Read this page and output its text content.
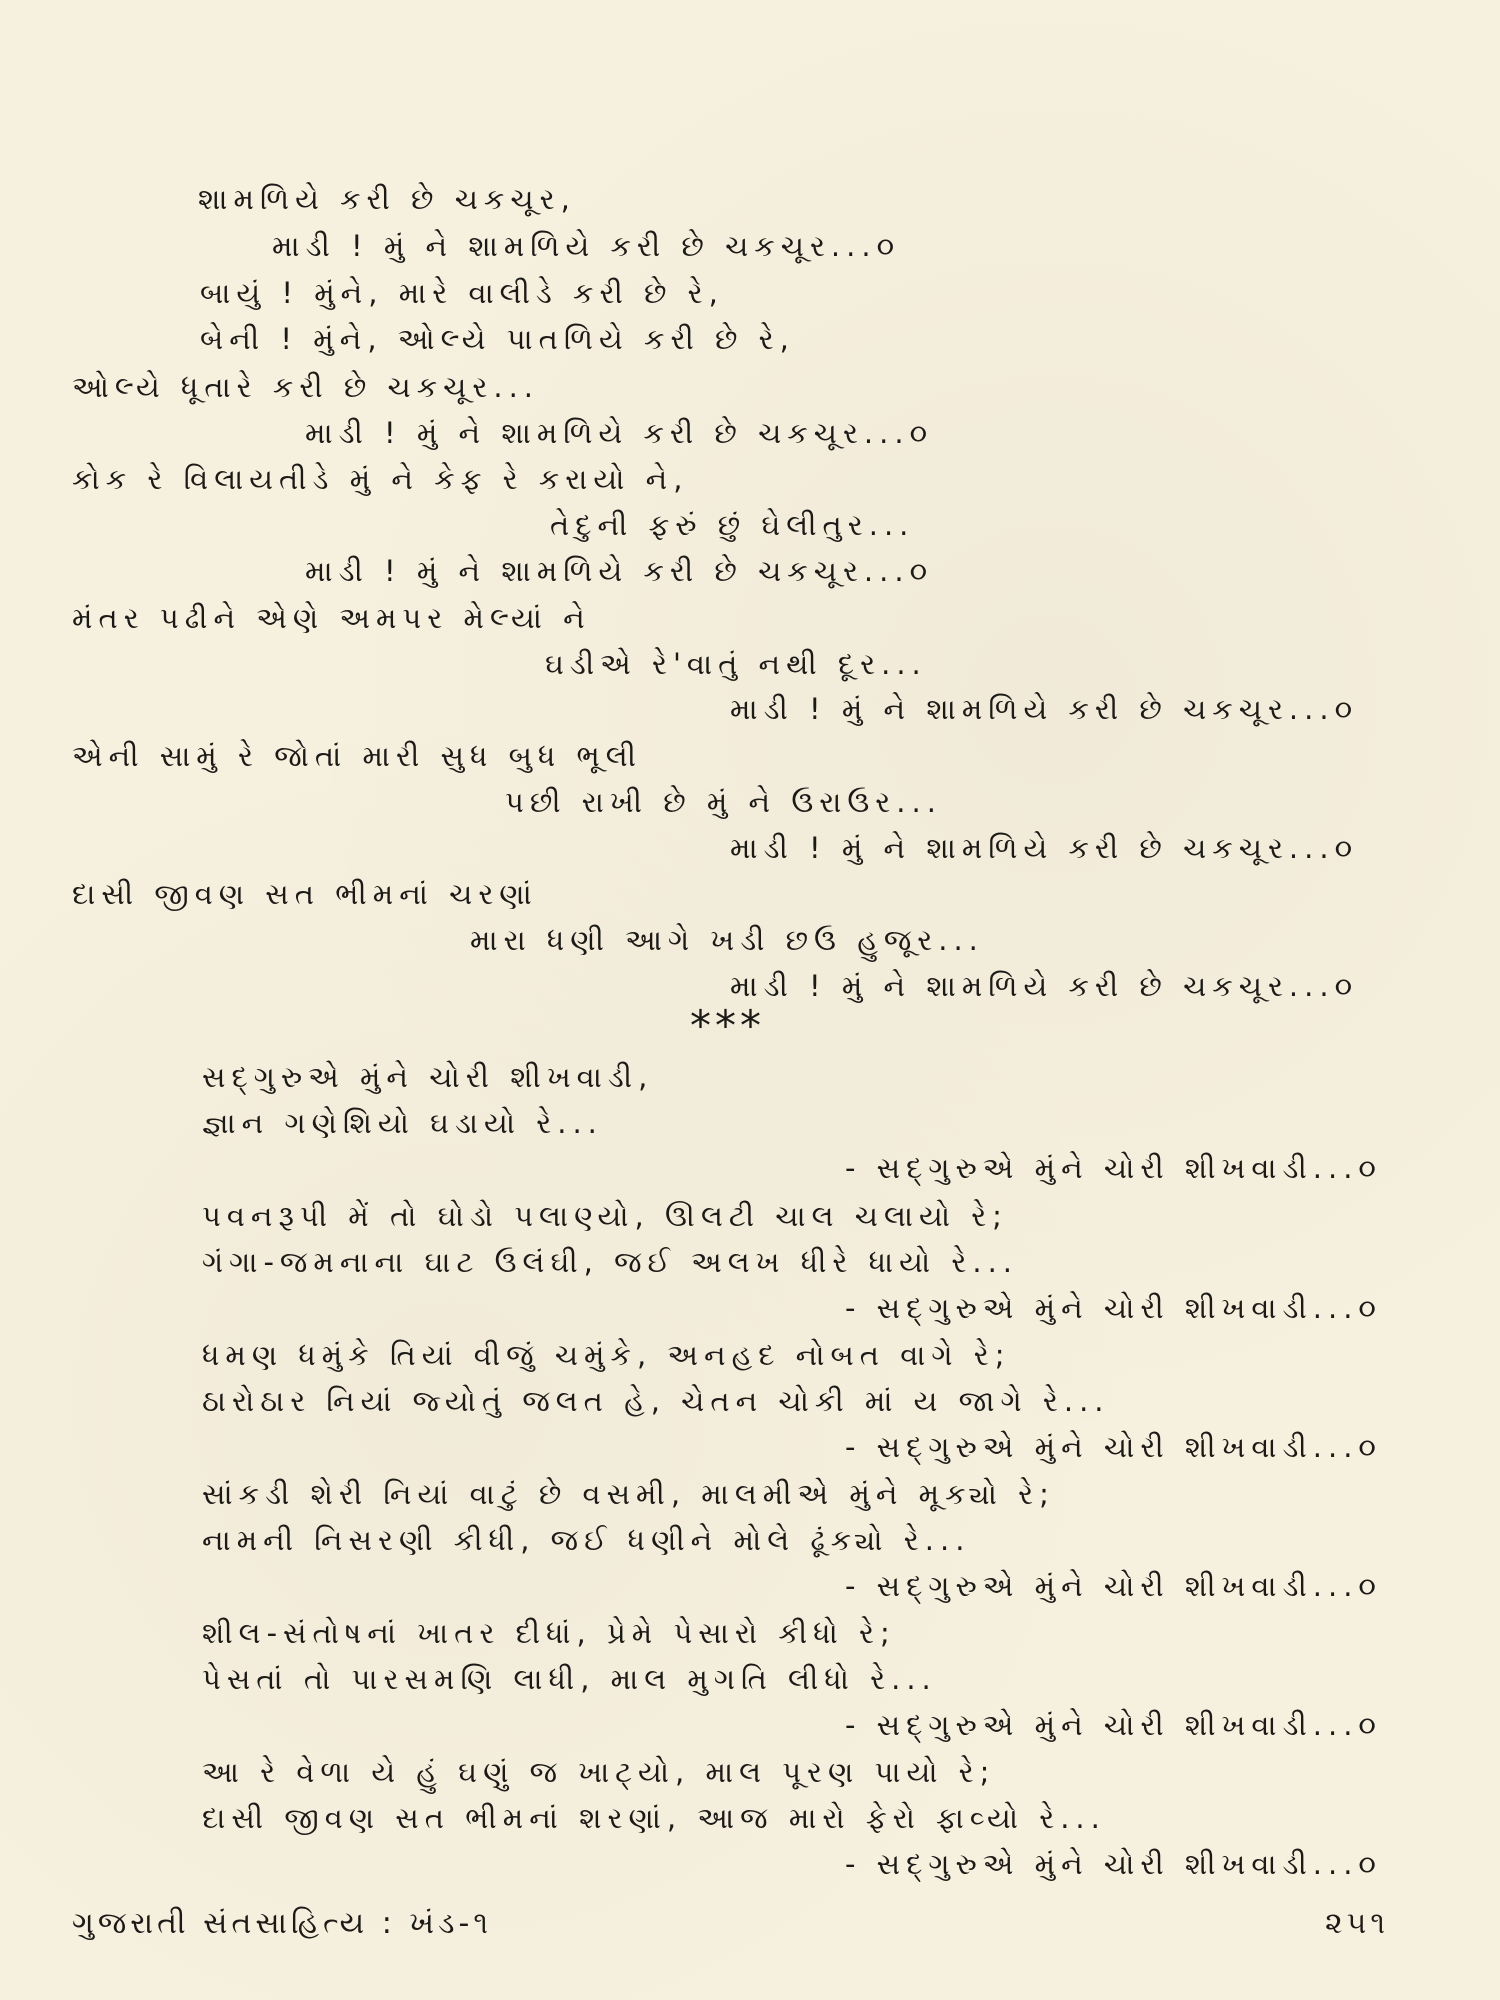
શામળિયે કરી છે ચકચૂર,
માડી ! મું ને શામળિયે કરી છે ચકચૂર...૦
બાયું ! મુંને, મારે વાલીડે કરી છે રે,
બેની ! મુંને, ઓલ્યે પાતળિયે કરી છે રે,
ઓલ્યે ધૂતારે કરી છે ચકચૂર...
માડી ! મું ને શામળિયે કરી છે ચકચૂર...૦
કોક રે વિલાયતીડે મું ને કેફ રે કરાયો ને,
તેદુની ફરું છું ઘેલીતુર...
માડી ! મું ને શામળિયે કરી છે ચકચૂર...૦
મંતર પઢીને એણે અમપર મેલ્યાં ને
ઘડીએ રે'વાતું નથી દૂર...
માડી ! મું ને શામળિયે કરી છે ચકચૂર...૦
એની સામું રે જોતાં મારી સુધ બુધ ભૂલી
પછી રાખી છે મું ને ઉરાઉર...
માડી ! મું ને શામળિયે કરી છે ચકચૂર...૦
દાસી જીવણ સત ભીમનાં ચરણાં
મારા ધણી આગે ખડી છઉ હુજૂર...
માડી ! મું ને શામળિયે કરી છે ચકચૂર...૦
***
સદ્‌ગુરુએ મુંને ચોરી શીખવાડી,
જ્ઞાન ગણેશિયો ઘડાયો રે...
- સદ્‌ગુરુએ મુંને ચોરી શીખવાડી...૦
પવનરૂપી મેં તો ઘોડો પલાણ્યો, ઊલટી ચાલ ચલાયો રે;
ગંગા-જમનાના ઘાટ ઉલંઘી, જઈ અલખ ધીરે ધાયો રે...
- સદ્‌ગુરુએ મુંને ચોરી શીખવાડી...૦
ધમણ ધમુંકે તિયાં વીજું ચમુંકે, અનહદ નોબત વાગે રે;
ઠારોઠાર નિયાં જ્યોતું જલત હે, ચેતન ચોકી માં ય જાગે રે...
- સદ્‌ગુરુએ મુંને ચોરી શીખવાડી...૦
સાંકડી શેરી નિયાં વાટું છે વસમી, માલમીએ મુંને મૂક્યો રે;
નામની નિસરણી કીધી, જઈ ધણીને મોલે ઢૂંક્યો રે...
- સદ્‌ગુરુએ મુંને ચોરી શીખવાડી...૦
શીલ-સંતોષનાં ખાતર દીધાં, પ્રેમે પેસારો કીધો રે;
પેસતાં તો પારસમણિ લાધી, માલ મુગતિ લીધો રે...
- સદ્‌ગુરુએ મુંને ચોરી શીખવાડી...૦
આ રે વેળા યે હું ઘણું જ ખાટ્યો, માલ પૂરણ પાયો રે;
દાસી જીવણ સત ભીમનાં શરણાં, આજ મારો ફેરો ફાવ્યો રે...
- સદ્‌ગુરુએ મુંને ચોરી શીખવાડી...૦
ગુજરાતી સંતસાહિત્ય : ખંડ-૧	૨૫૧
